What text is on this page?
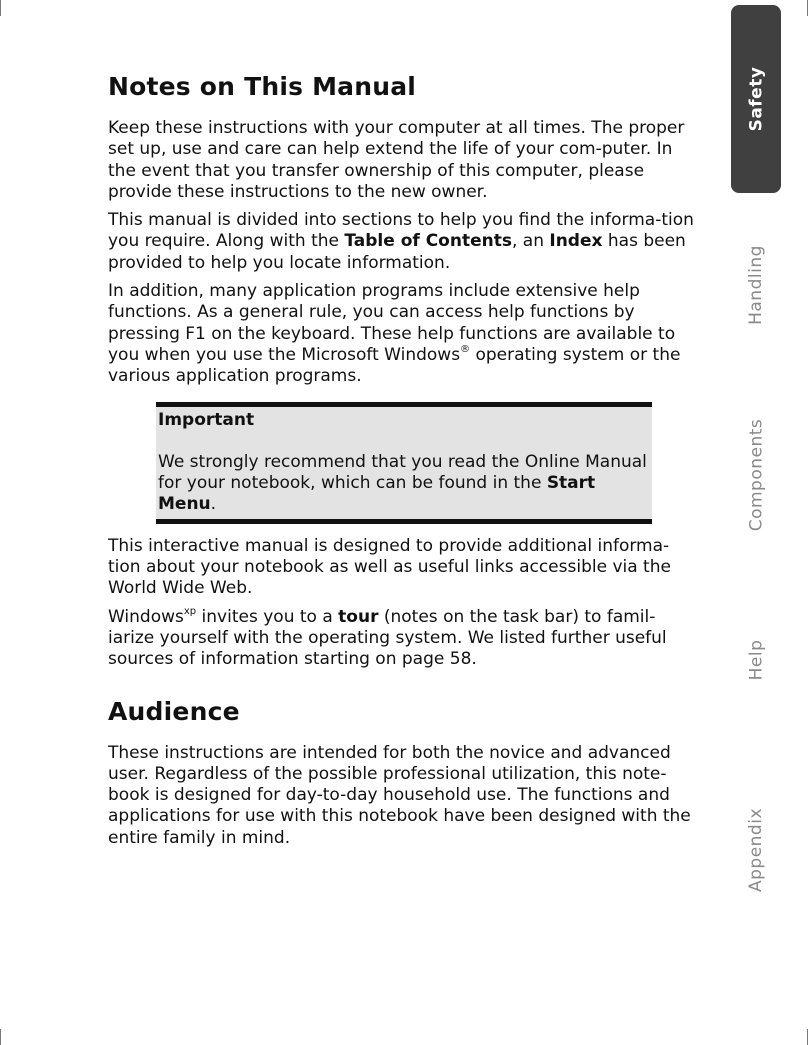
Notes on This Manual

Keep these instructions with your computer at all times. The proper set up, use and care can help extend the life of your com-puter. In the event that you transfer ownership of this computer, please provide these instructions to the new owner.

This manual is divided into sections to help you find the informa-tion you require. Along with the Table of Contents, an Index has been provided to help you locate information.

In addition, many application programs include extensive help functions. As a general rule, you can access help functions by pressing F1 on the keyboard. These help functions are available to you when you use the Microsoft Windows® operating system or the various application programs.

Important
We strongly recommend that you read the Online Manual for your notebook, which can be found in the Start Menu.

This interactive manual is designed to provide additional informa-tion about your notebook as well as useful links accessible via the World Wide Web.

Windows$^{xp}$ invites you to a tour (notes on the task bar) to famil-iarize yourself with the operating system. We listed further useful sources of information starting on page 58.

Audience

These instructions are intended for both the novice and advanced user. Regardless of the possible professional utilization, this note-book is designed for day-to-day household use. The functions and applications for use with this notebook have been designed with the entire family in mind.

Safety
Handling
Components
Help
Appendix
